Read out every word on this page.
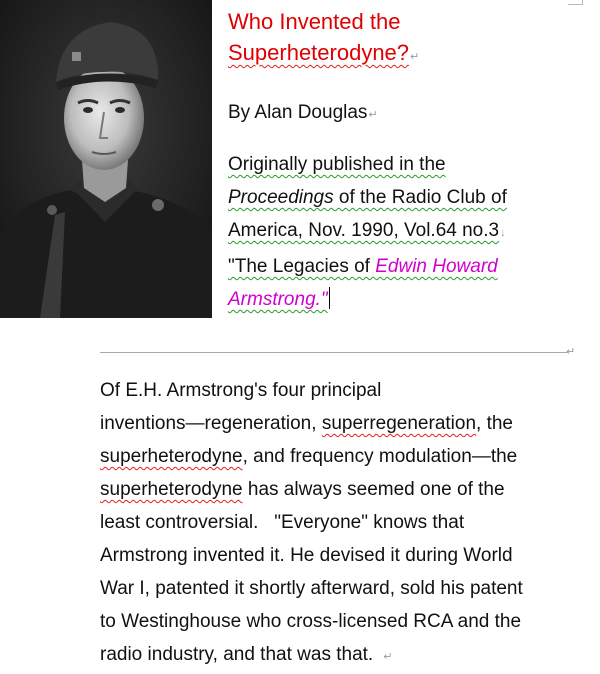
Who Invented the

Superheterodyne?↵
By Alan Douglas↵
Originally published in the
Proceedings of the Radio Club of
America, Nov. 1990, Vol.64 no.3↓
"The Legacies of Edwin Howard
Armstrong."
↵
Of E.H. Armstrong's four principal
inventions—regeneration, superregeneration, the
superheterodyne, and frequency modulation—the
superheterodyne has always seemed one of the
least controversial.   "Everyone" knows that
Armstrong invented it. He devised it during World
War I, patented it shortly afterward, sold his patent
to Westinghouse who cross-licensed RCA and the
radio industry, and that was that. ↵
